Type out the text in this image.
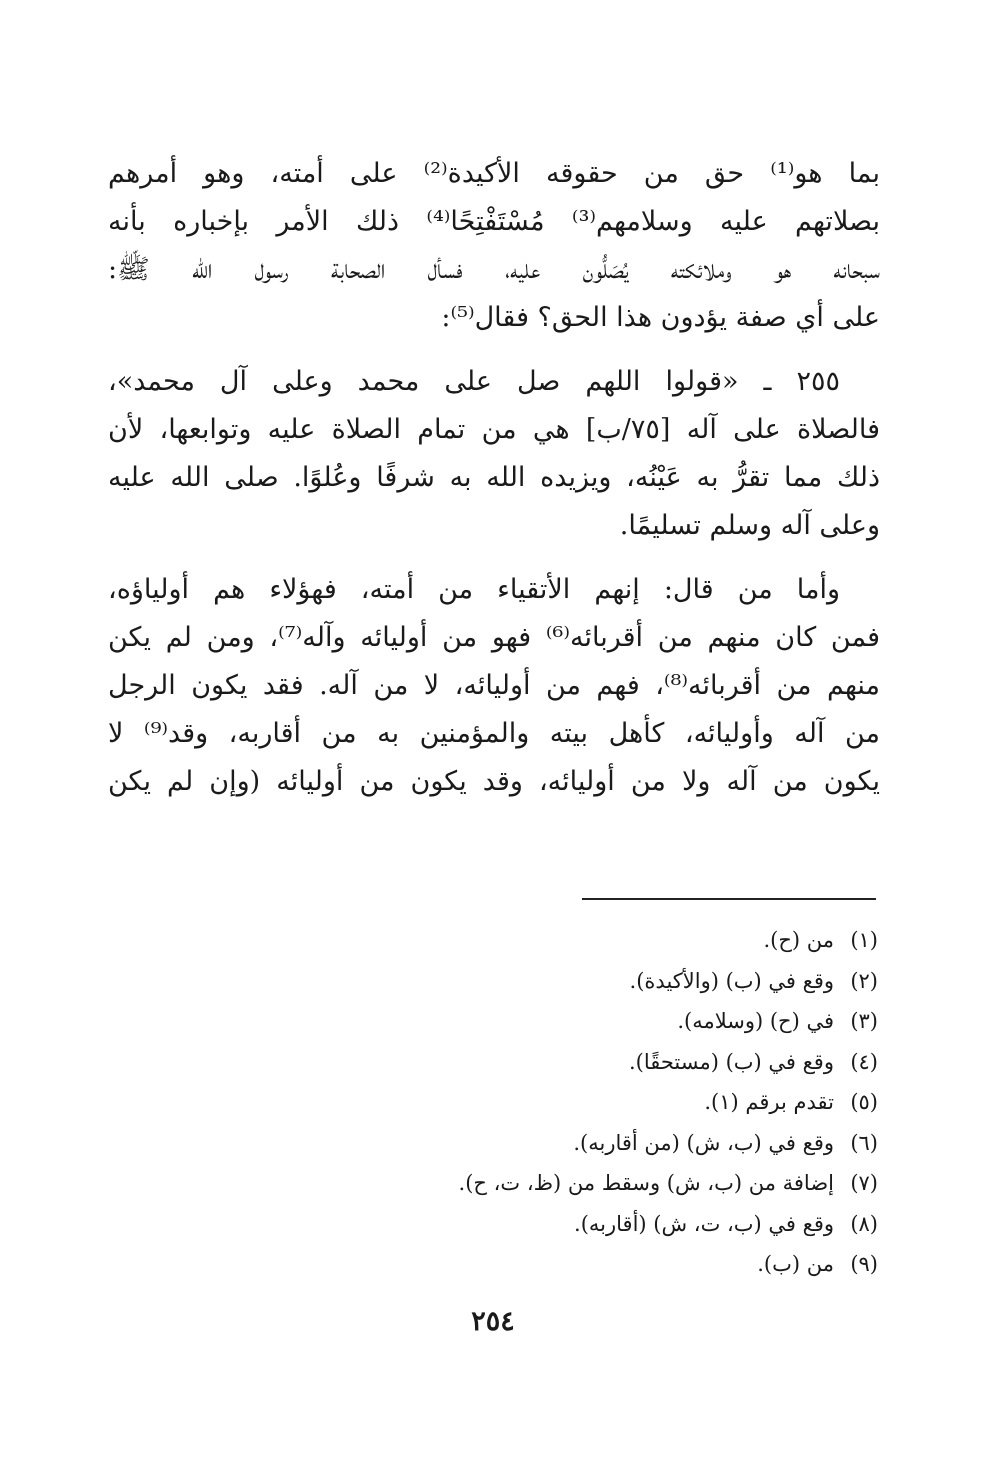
بما هو⁽¹⁾ حق من حقوقه الأكيدة⁽²⁾ على أمته، وهو أمرهم
بصلاتهم عليه وسلامهم⁽³⁾ مُسْتَفْتِحًا⁽⁴⁾ ذلك الأمر بإخباره بأنه
سبحانه هو وملائكته يُصَلُّون عليه، فسأل الصحابة رسول الله ﷺ:
على أي صفة يؤدون هذا الحق؟ فقال⁽⁵⁾:
٢٥٥ ـ «قولوا اللهم صل على محمد وعلى آل محمد»،
فالصلاة على آله [٧٥/ب] هي من تمام الصلاة عليه وتوابعها، لأن
ذلك مما تقرُّ به عَيْنُه، ويزيده الله به شرفًا وعُلوًا. صلى الله عليه
وعلى آله وسلم تسليمًا.
وأما من قال: إنهم الأتقياء من أمته، فهؤلاء هم أولياؤه،
فمن كان منهم من أقربائه⁽⁶⁾ فهو من أوليائه وآله⁽⁷⁾، ومن لم يكن
منهم من أقربائه⁽⁸⁾، فهم من أوليائه، لا من آله. فقد يكون الرجل
من آله وأوليائه، كأهل بيته والمؤمنين به من أقاربه، وقد⁽⁹⁾ لا
يكون من آله ولا من أوليائه، وقد يكون من أوليائه (وإن لم يكن
(١)من (ح).
(٢)وقع في (ب) (والأكيدة).
(٣)في (ح) (وسلامه).
(٤)وقع في (ب) (مستحقًا).
(٥)تقدم برقم (١).
(٦)وقع في (ب، ش) (من أقاربه).
(٧)إضافة من (ب، ش) وسقط من (ظ، ت، ح).
(٨)وقع في (ب، ت، ش) (أقاربه).
(٩)من (ب).
٢٥٤
